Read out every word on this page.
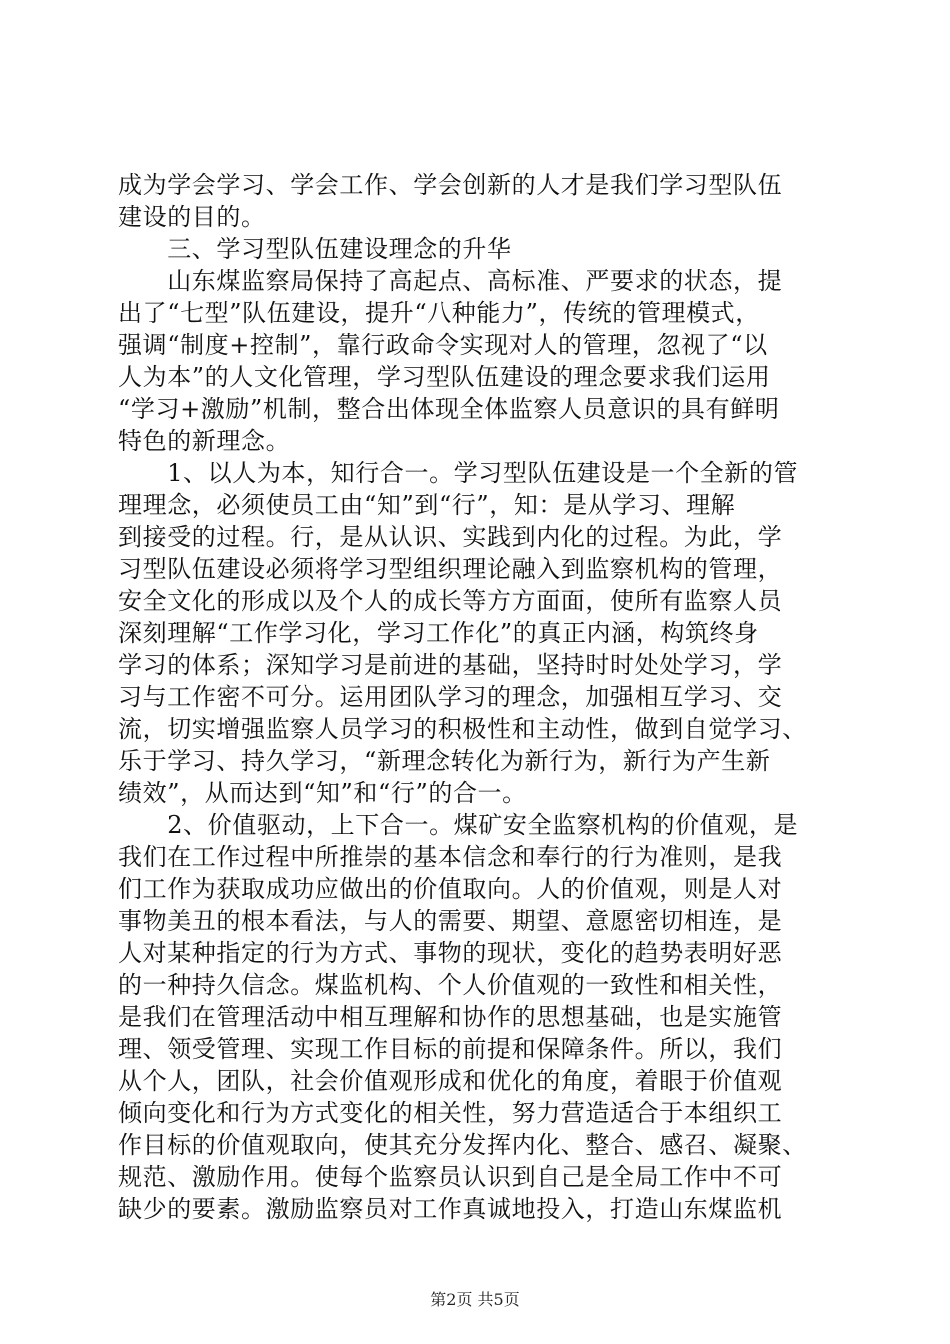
成为学会学习、学会工作、学会创新的人才是我们学习型队伍
建设的目的。
　　三、学习型队伍建设理念的升华
　　山东煤监察局保持了高起点、高标准、严要求的状态，提
出了“七型”队伍建设，提升“八种能力”，传统的管理模式，
强调“制度+控制”，靠行政命令实现对人的管理，忽视了“以
人为本”的人文化管理，学习型队伍建设的理念要求我们运用
“学习+激励”机制，整合出体现全体监察人员意识的具有鲜明
特色的新理念。
　　1、以人为本，知行合一。学习型队伍建设是一个全新的管
理理念，必须使员工由“知”到“行”，知：是从学习、理解
到接受的过程。行，是从认识、实践到内化的过程。为此，学
习型队伍建设必须将学习型组织理论融入到监察机构的管理，
安全文化的形成以及个人的成长等方方面面，使所有监察人员
深刻理解“工作学习化，学习工作化”的真正内涵，构筑终身
学习的体系；深知学习是前进的基础，坚持时时处处学习，学
习与工作密不可分。运用团队学习的理念，加强相互学习、交
流，切实增强监察人员学习的积极性和主动性，做到自觉学习、
乐于学习、持久学习，“新理念转化为新行为，新行为产生新
绩效”，从而达到“知”和“行”的合一。
　　2、价值驱动，上下合一。煤矿安全监察机构的价值观，是
我们在工作过程中所推崇的基本信念和奉行的行为准则，是我
们工作为获取成功应做出的价值取向。人的价值观，则是人对
事物美丑的根本看法，与人的需要、期望、意愿密切相连，是
人对某种指定的行为方式、事物的现状，变化的趋势表明好恶
的一种持久信念。煤监机构、个人价值观的一致性和相关性，
是我们在管理活动中相互理解和协作的思想基础，也是实施管
理、领受管理、实现工作目标的前提和保障条件。所以，我们
从个人，团队，社会价值观形成和优化的角度，着眼于价值观
倾向变化和行为方式变化的相关性，努力营造适合于本组织工
作目标的价值观取向，使其充分发挥内化、整合、感召、凝聚、
规范、激励作用。使每个监察员认识到自己是全局工作中不可
缺少的要素。激励监察员对工作真诚地投入，打造山东煤监机
第2页 共5页
